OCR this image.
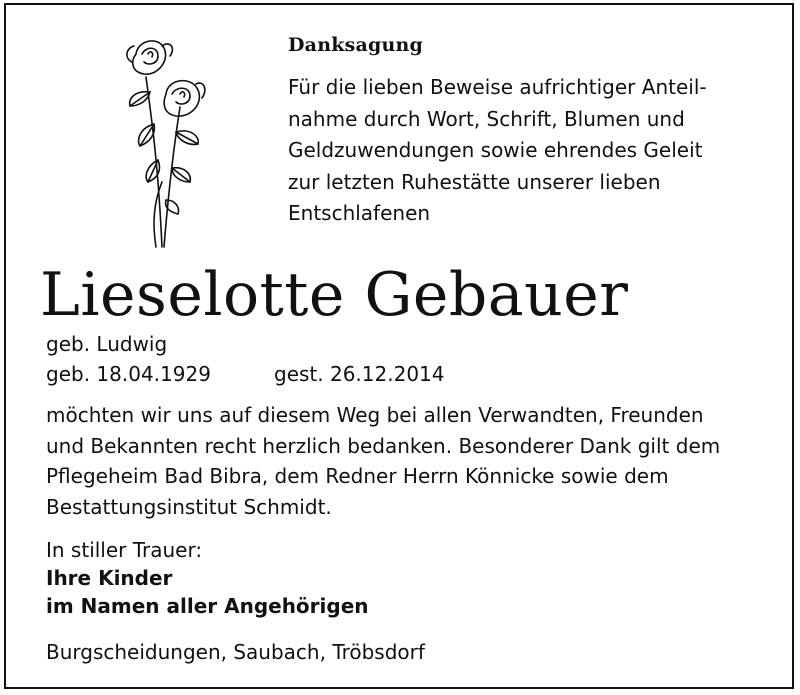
Danksagung

Für die lieben Beweise aufrichtiger Anteil-
nahme durch Wort, Schrift, Blumen und
Geldzuwendungen sowie ehrendes Geleit
zur letzten Ruhestätte unserer lieben
Entschlafenen

Lieselotte Gebauer
geb. Ludwig
geb. 18.04.1929	gest. 26.12.2014

möchten wir uns auf diesem Weg bei allen Verwandten, Freunden
und Bekannten recht herzlich bedanken. Besonderer Dank gilt dem
Pflegeheim Bad Bibra, dem Redner Herrn Könnicke sowie dem
Bestattungsinstitut Schmidt.

In stiller Trauer:
Ihre Kinder
im Namen aller Angehörigen
Burgscheidungen, Saubach, Tröbsdorf
